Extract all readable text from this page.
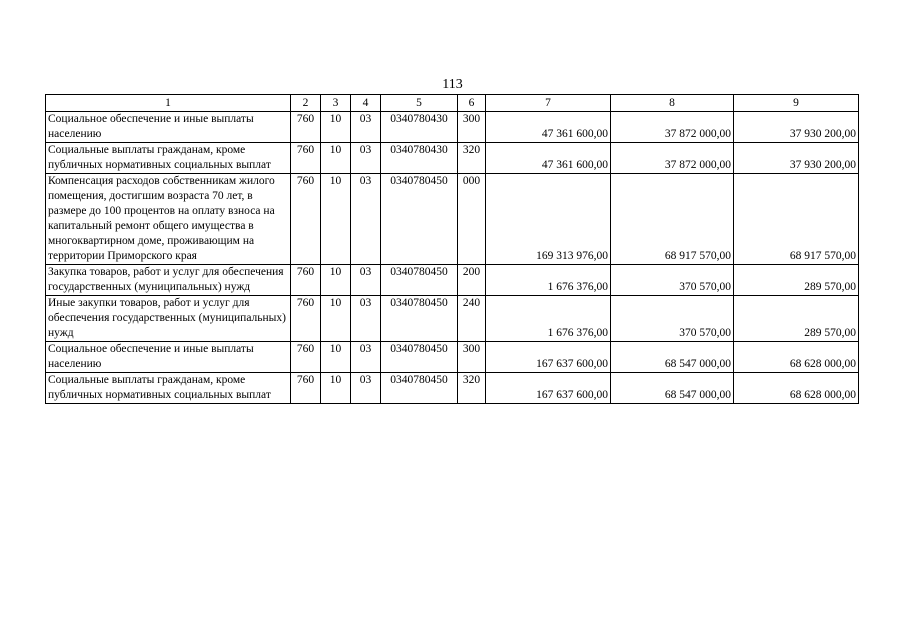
113
1	2	3	4	5	6	7	8	9
Социальное обеспечение и иные выплаты населению	760	10	03	0340780430	300	47 361 600,00	37 872 000,00	37 930 200,00
Социальные выплаты гражданам, кроме публичных нормативных социальных выплат	760	10	03	0340780430	320	47 361 600,00	37 872 000,00	37 930 200,00
Компенсация расходов собственникам жилого помещения, достигшим возраста 70 лет, в размере до 100 процентов на оплату взноса на капитальный ремонт общего имущества в многоквартирном доме, проживающим на территории Приморского края	760	10	03	0340780450	000	169 313 976,00	68 917 570,00	68 917 570,00
Закупка товаров, работ и услуг для обеспечения государственных (муниципальных) нужд	760	10	03	0340780450	200	1 676 376,00	370 570,00	289 570,00
Иные закупки товаров, работ и услуг для обеспечения государственных (муниципальных) нужд	760	10	03	0340780450	240	1 676 376,00	370 570,00	289 570,00
Социальное обеспечение и иные выплаты населению	760	10	03	0340780450	300	167 637 600,00	68 547 000,00	68 628 000,00
Социальные выплаты гражданам, кроме публичных нормативных социальных выплат	760	10	03	0340780450	320	167 637 600,00	68 547 000,00	68 628 000,00
